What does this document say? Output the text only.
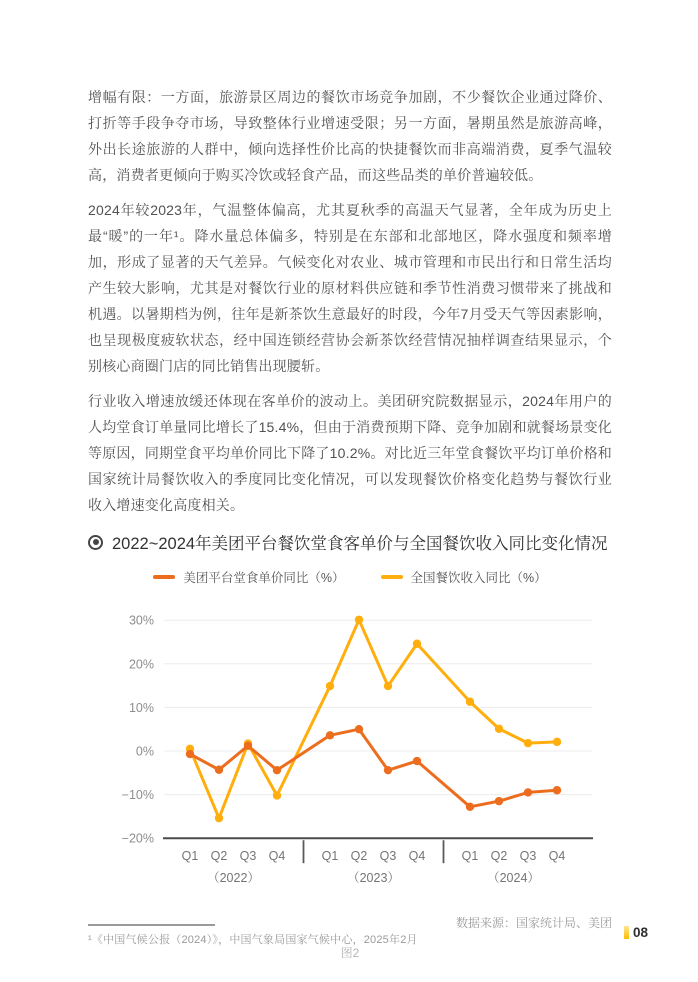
增幅有限：一方面，旅游景区周边的餐饮市场竞争加剧，不少餐饮企业通过降价、打折等手段争夺市场，导致整体行业增速受限；另一方面，暑期虽然是旅游高峰，外出长途旅游的人群中，倾向选择性价比高的快捷餐饮而非高端消费，夏季气温较高，消费者更倾向于购买冷饮或轻食产品，而这些品类的单价普遍较低。

2024年较2023年，气温整体偏高，尤其夏秋季的高温天气显著，全年成为历史上最“暖”的一年¹。降水量总体偏多，特别是在东部和北部地区，降水强度和频率增加，形成了显著的天气差异。气候变化对农业、城市管理和市民出行和日常生活均产生较大影响，尤其是对餐饮行业的原材料供应链和季节性消费习惯带来了挑战和机遇。以暑期档为例，往年是新茶饮生意最好的时段，今年7月受天气等因素影响，也呈现极度疲软状态，经中国连锁经营协会新茶饮经营情况抽样调查结果显示，个别核心商圈门店的同比销售出现腰斩。

行业收入增速放缓还体现在客单价的波动上。美团研究院数据显示，2024年用户的人均堂食订单量同比增长了15.4%，但由于消费预期下降、竞争加剧和就餐场景变化等原因，同期堂食平均单价同比下降了10.2%。对比近三年堂食餐饮平均订单价格和国家统计局餐饮收入的季度同比变化情况，可以发现餐饮价格变化趋势与餐饮行业收入增速变化高度相关。

2022~2024年美团平台餐饮堂食客单价与全国餐饮收入同比变化情况
美团平台堂食单价同比（%）	全国餐饮收入同比（%）
30%
20%
10%
0%
−10%
−20%
Q1 Q2 Q3 Q4	Q1 Q2 Q3 Q4	Q1 Q2 Q3 Q4
（2022）	（2023）	（2024）
数据来源：国家统计局、美团
图2
¹《中国气候公报（2024）》，中国气象局国家气候中心，2025年2月	08
